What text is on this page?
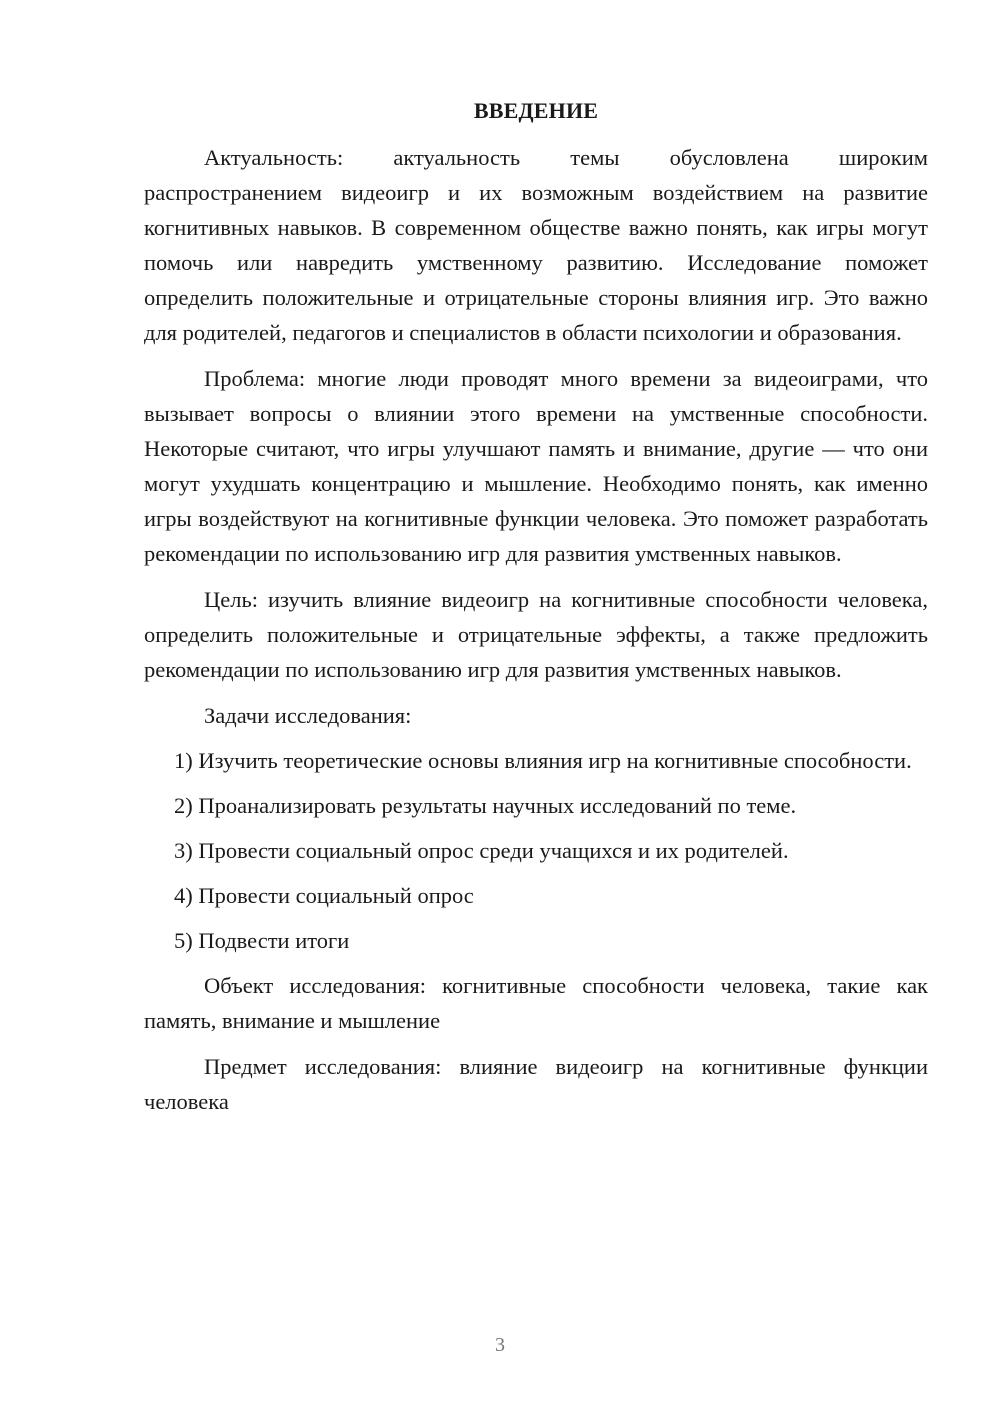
ВВЕДЕНИЕ

Актуальность: актуальность темы обусловлена широким распространением видеоигр и их возможным воздействием на развитие когнитивных навыков. В современном обществе важно понять, как игры могут помочь или навредить умственному развитию. Исследование поможет определить положительные и отрицательные стороны влияния игр. Это важно для родителей, педагогов и специалистов в области психологии и образования.

Проблема: многие люди проводят много времени за видеоиграми, что вызывает вопросы о влиянии этого времени на умственные способности. Некоторые считают, что игры улучшают память и внимание, другие — что они могут ухудшать концентрацию и мышление. Необходимо понять, как именно игры воздействуют на когнитивные функции человека. Это поможет разработать рекомендации по использованию игр для развития умственных навыков.

Цель: изучить влияние видеоигр на когнитивные способности человека, определить положительные и отрицательные эффекты, а также предложить рекомендации по использованию игр для развития умственных навыков.

Задачи исследования:

1) Изучить теоретические основы влияния игр на когнитивные способности.

2) Проанализировать результаты научных исследований по теме.

3) Провести социальный опрос среди учащихся и их родителей.

4) Провести социальный опрос

5) Подвести итоги

Объект исследования: когнитивные способности человека, такие как память, внимание и мышление

Предмет исследования: влияние видеоигр на когнитивные функции человека

3
